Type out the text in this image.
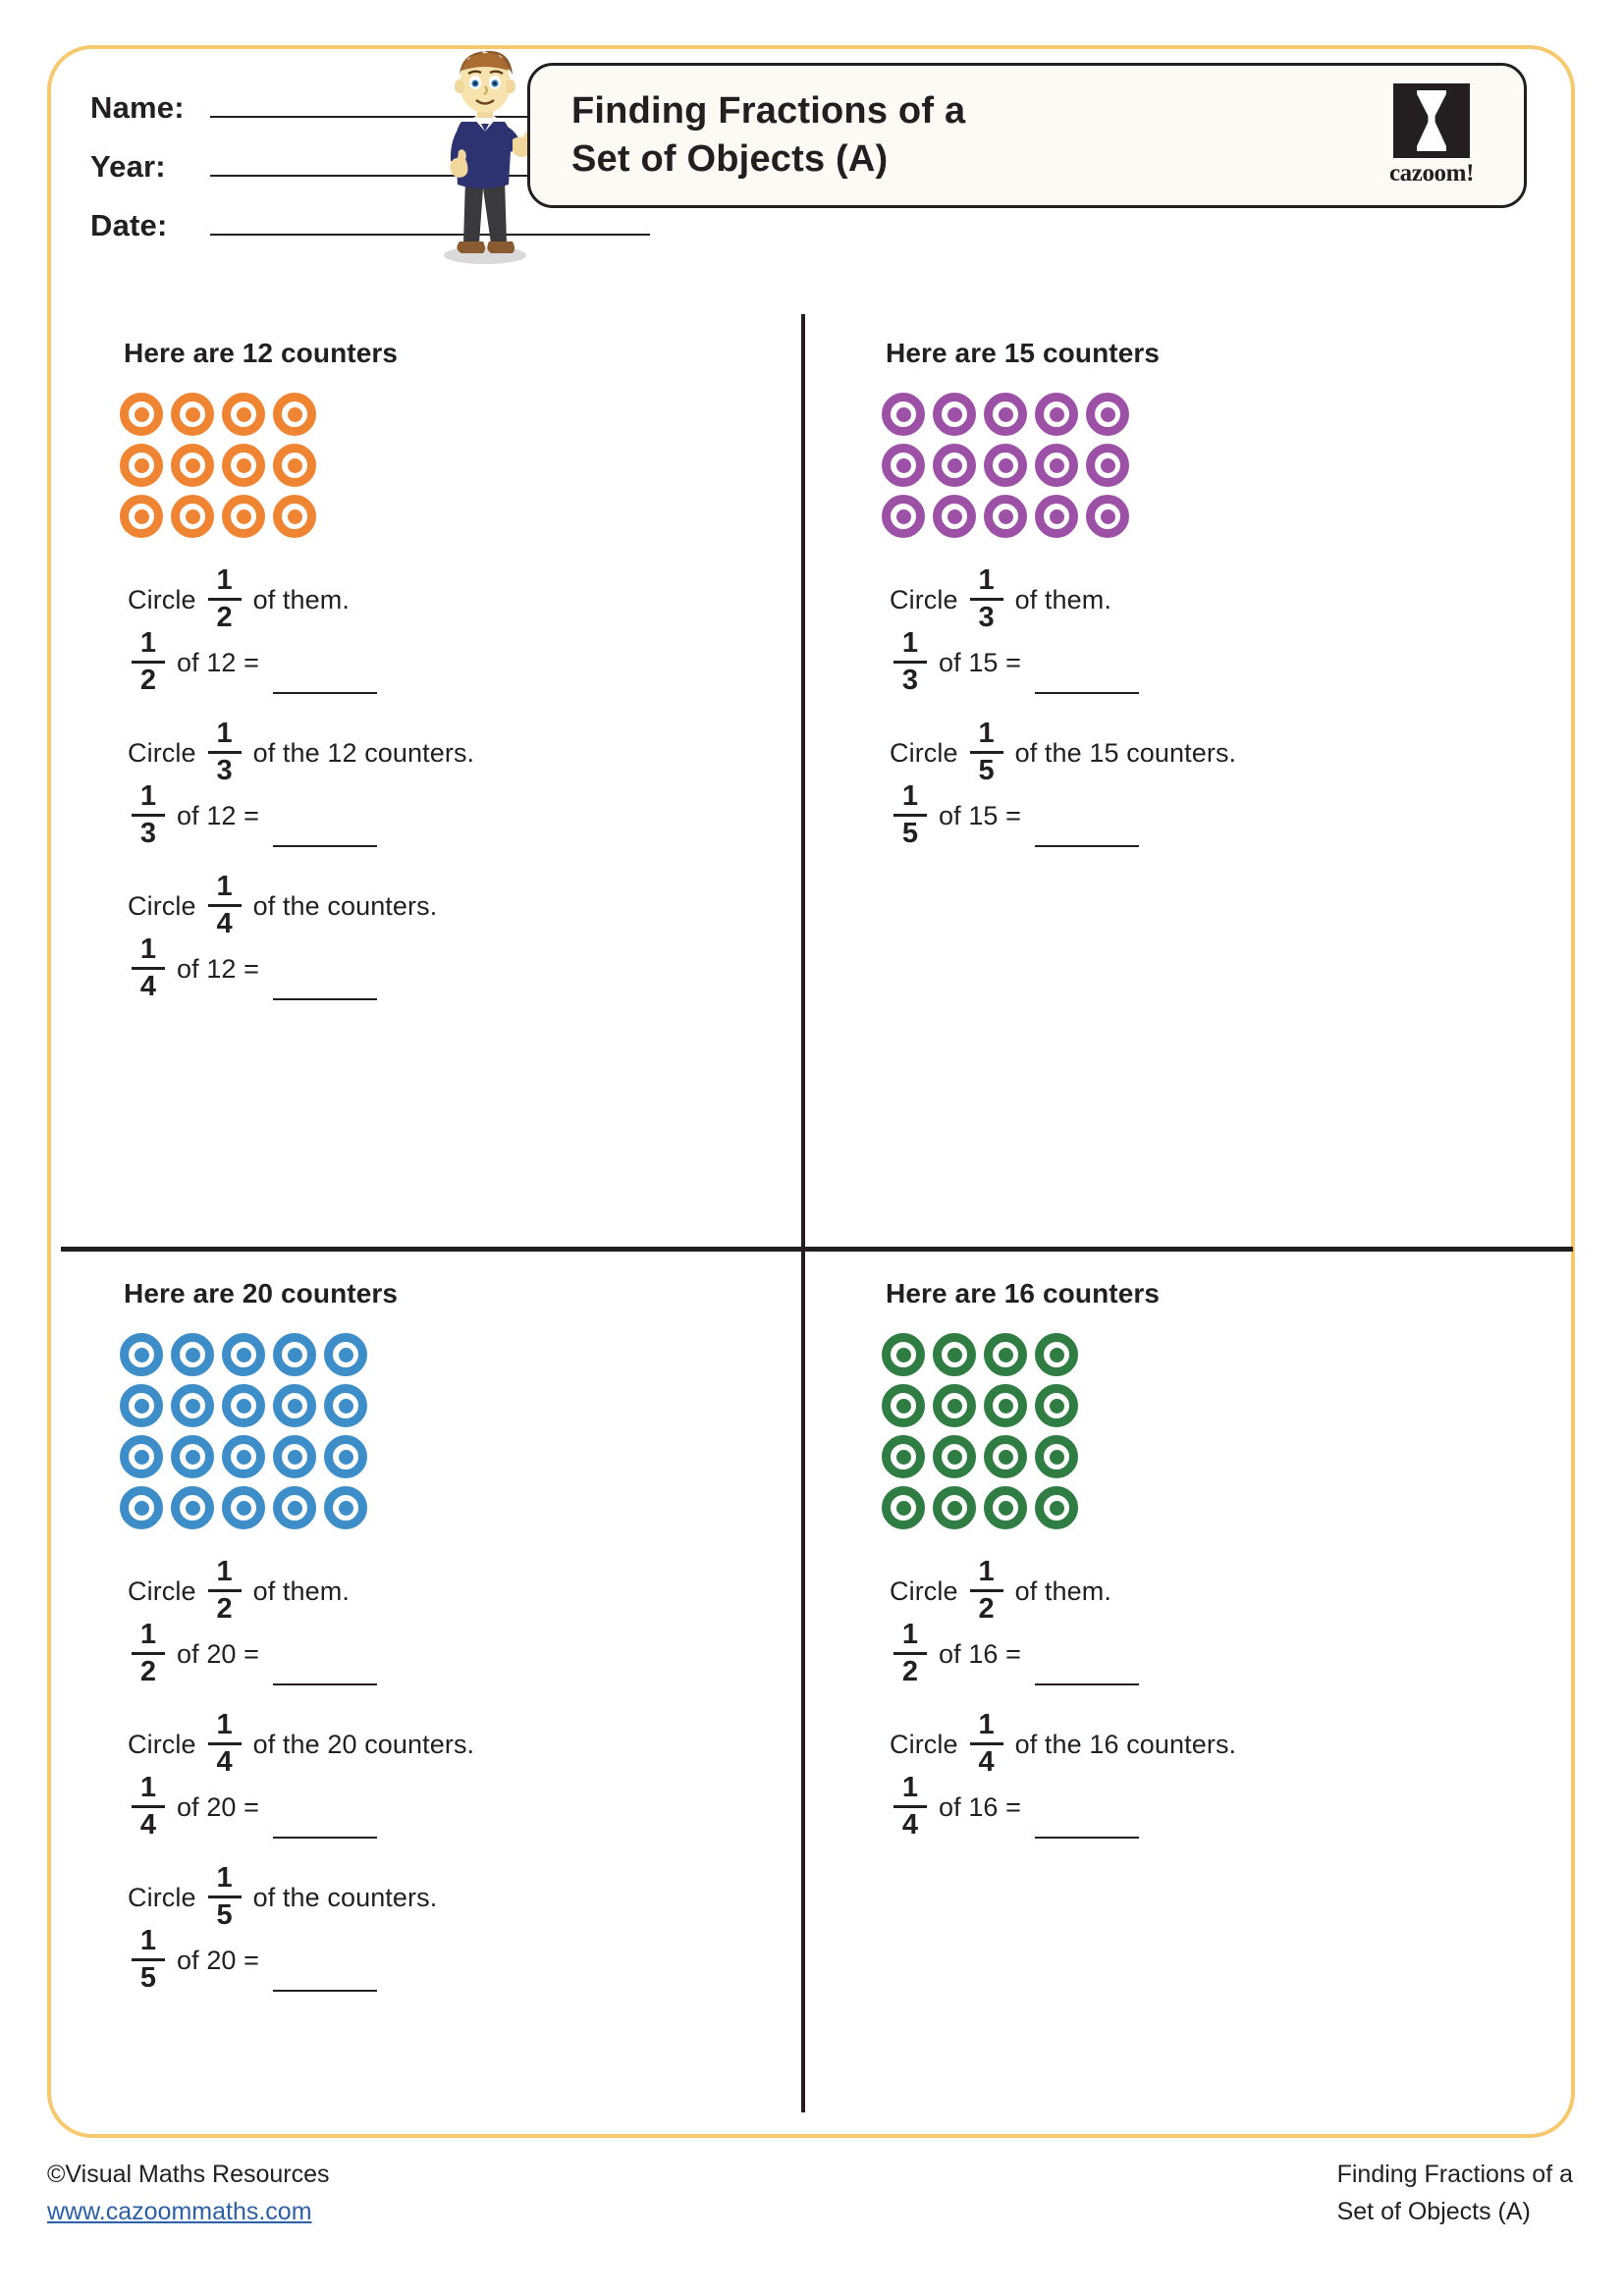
Name:
Year:
Date:
Finding Fractions of a
Set of Objects (A)	cazoom!
Here are 12 counters
Circle $\frac{1}{2}$ of them.
$\frac{1}{2}$ of 12 =
Circle $\frac{1}{3}$ of the 12 counters.
$\frac{1}{3}$ of 12 =
Circle $\frac{1}{4}$ of the counters.
$\frac{1}{4}$ of 12 =
Here are 15 counters
Circle $\frac{1}{3}$ of them.
$\frac{1}{3}$ of 15 =
Circle $\frac{1}{5}$ of the 15 counters.
$\frac{1}{5}$ of 15 =
Here are 20 counters
Circle $\frac{1}{2}$ of them.
$\frac{1}{2}$ of 20 =
Circle $\frac{1}{4}$ of the 20 counters.
$\frac{1}{4}$ of 20 =
Circle $\frac{1}{5}$ of the counters.
$\frac{1}{5}$ of 20 =
Here are 16 counters
Circle $\frac{1}{2}$ of them.
$\frac{1}{2}$ of 16 =
Circle $\frac{1}{4}$ of the 16 counters.
$\frac{1}{4}$ of 16 =
©Visual Maths Resources
www.cazoommaths.com
Finding Fractions of a
Set of Objects (A)
